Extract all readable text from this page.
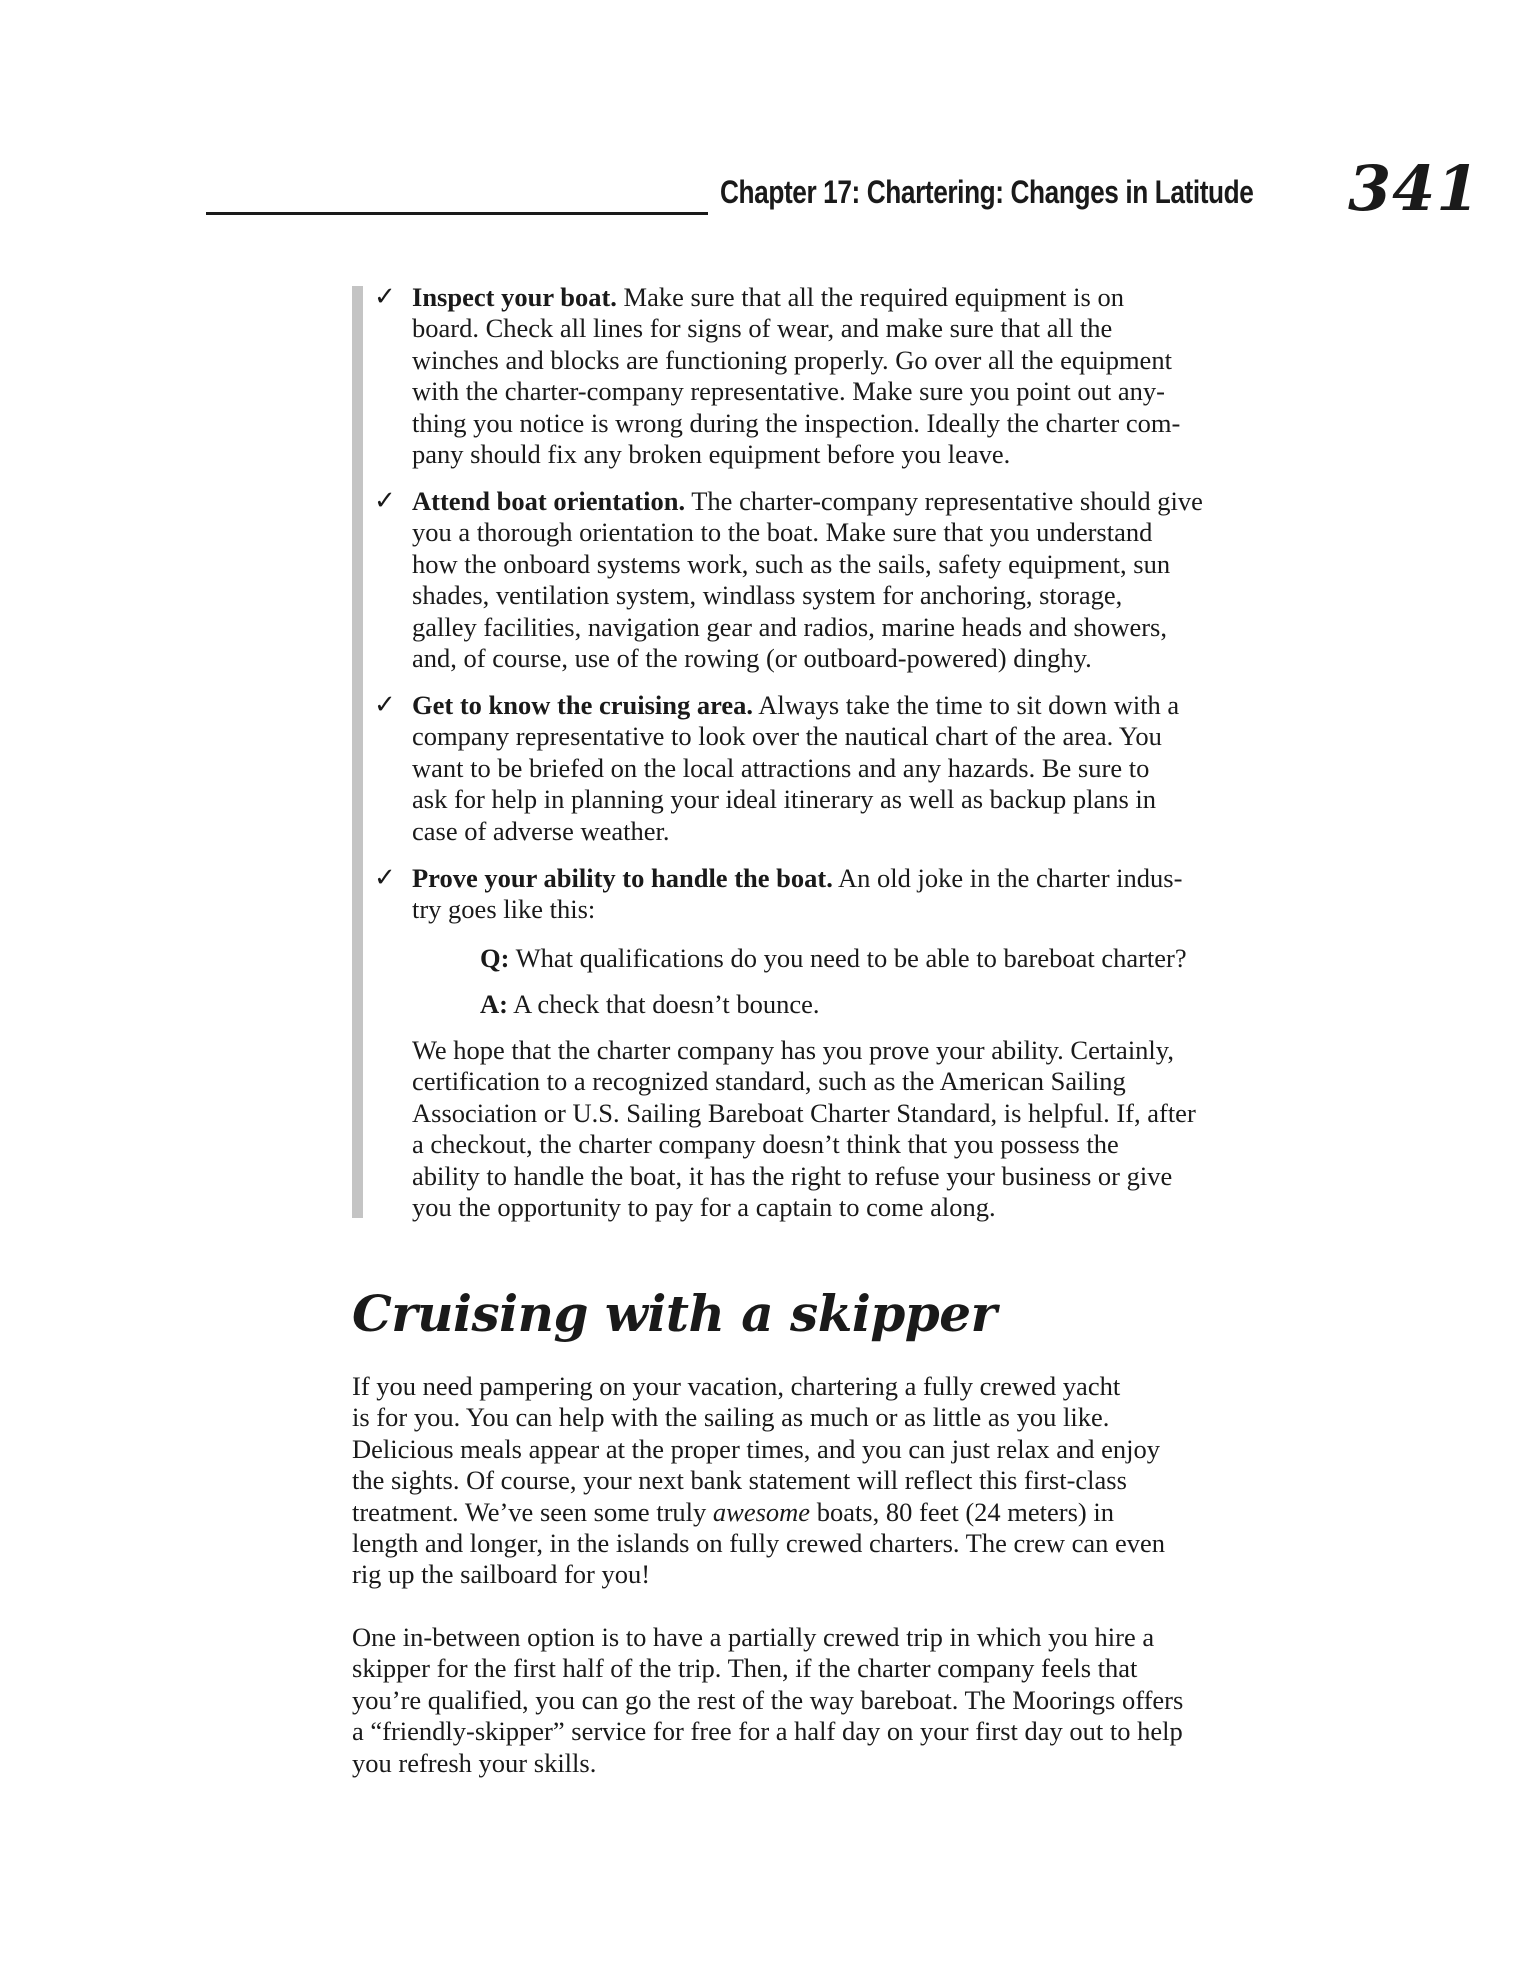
Chapter 17: Chartering: Changes in Latitude 341
✓ Inspect your boat. Make sure that all the required equipment is on
board. Check all lines for signs of wear, and make sure that all the
winches and blocks are functioning properly. Go over all the equipment
with the charter-company representative. Make sure you point out any-
thing you notice is wrong during the inspection. Ideally the charter com-
pany should fix any broken equipment before you leave.
✓ Attend boat orientation. The charter-company representative should give
you a thorough orientation to the boat. Make sure that you understand
how the onboard systems work, such as the sails, safety equipment, sun
shades, ventilation system, windlass system for anchoring, storage,
galley facilities, navigation gear and radios, marine heads and showers,
and, of course, use of the rowing (or outboard-powered) dinghy.
✓ Get to know the cruising area. Always take the time to sit down with a
company representative to look over the nautical chart of the area. You
want to be briefed on the local attractions and any hazards. Be sure to
ask for help in planning your ideal itinerary as well as backup plans in
case of adverse weather.
✓ Prove your ability to handle the boat. An old joke in the charter indus-
try goes like this:
Q: What qualifications do you need to be able to bareboat charter?
A: A check that doesn’t bounce.
We hope that the charter company has you prove your ability. Certainly,
certification to a recognized standard, such as the American Sailing
Association or U.S. Sailing Bareboat Charter Standard, is helpful. If, after
a checkout, the charter company doesn’t think that you possess the
ability to handle the boat, it has the right to refuse your business or give
you the opportunity to pay for a captain to come along.
Cruising with a skipper
If you need pampering on your vacation, chartering a fully crewed yacht
is for you. You can help with the sailing as much or as little as you like.
Delicious meals appear at the proper times, and you can just relax and enjoy
the sights. Of course, your next bank statement will reflect this first-class
treatment. We’ve seen some truly awesome boats, 80 feet (24 meters) in
length and longer, in the islands on fully crewed charters. The crew can even
rig up the sailboard for you!
One in-between option is to have a partially crewed trip in which you hire a
skipper for the first half of the trip. Then, if the charter company feels that
you’re qualified, you can go the rest of the way bareboat. The Moorings offers
a “friendly-skipper” service for free for a half day on your first day out to help
you refresh your skills.
